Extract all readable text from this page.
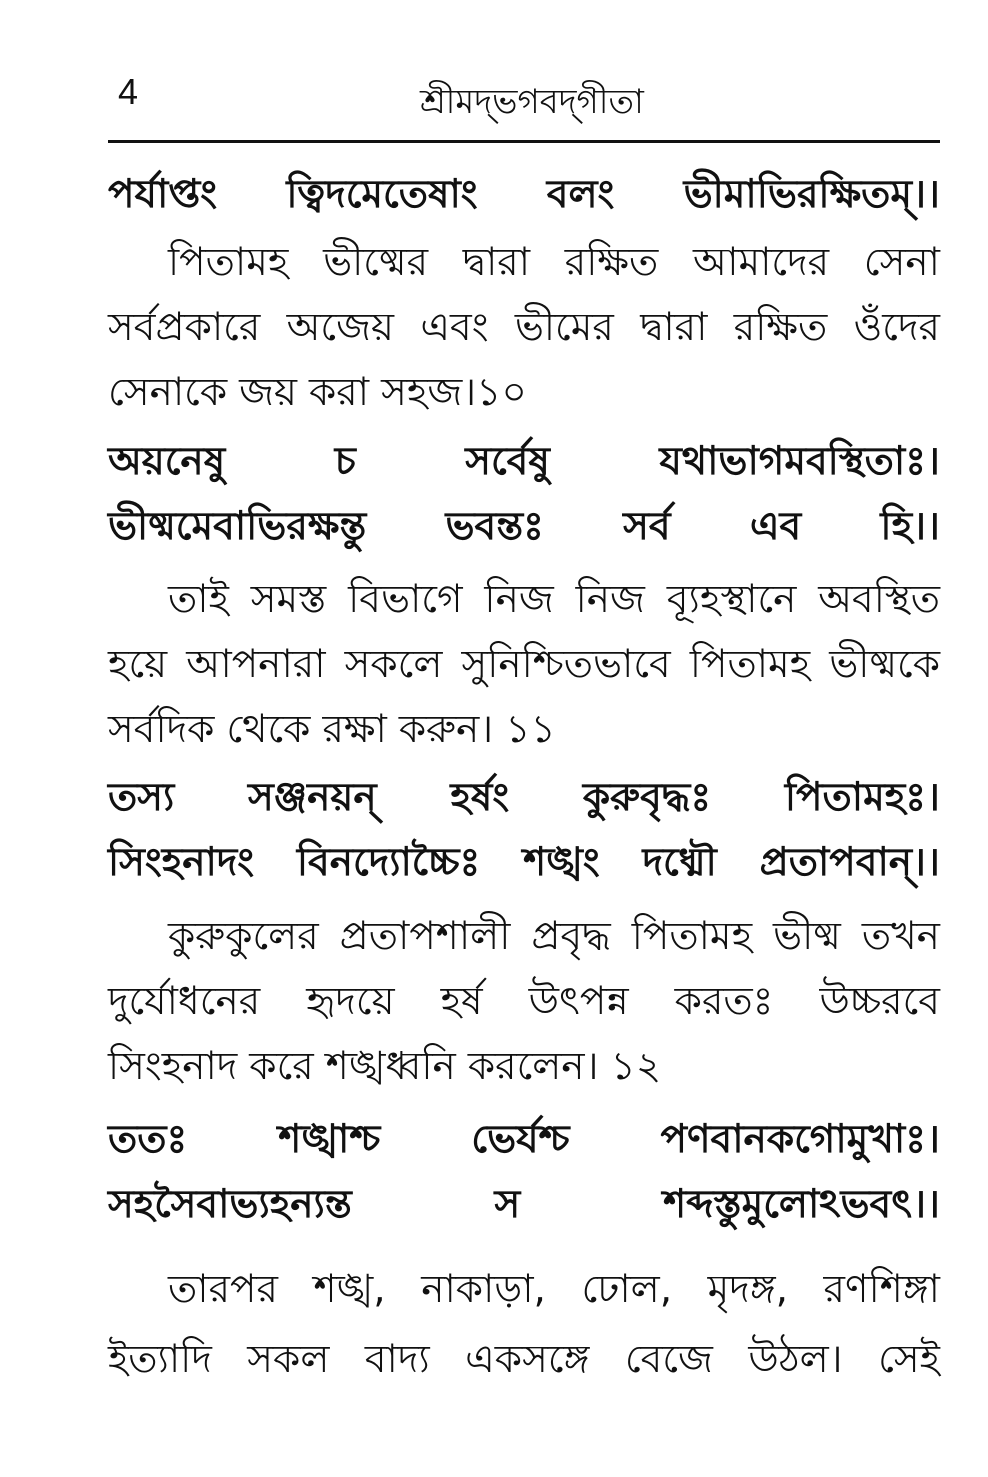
4	শ্রীমদ্‌ভগবদ্‌গীতা
পর্যাপ্তং ত্বিদমেতেষাং বলং ভীমাভিরক্ষিতম্‌।।
পিতামহ ভীষ্মের দ্বারা রক্ষিত আমাদের সেনা
সর্বপ্রকারে অজেয় এবং ভীমের দ্বারা রক্ষিত ওঁদের
সেনাকে জয় করা সহজ।১০
অয়নেষু	চ	সর্বেষু	যথাভাগমবস্থিতাঃ।
ভীষ্মমেবাভিরক্ষন্তু ভবন্তঃ সর্ব এব হি।।
তাই সমস্ত বিভাগে নিজ নিজ ব্যূহস্থানে অবস্থিত
হয়ে আপনারা সকলে সুনিশ্চিতভাবে পিতামহ ভীষ্মকে
সর্বদিক থেকে রক্ষা করুন। ১১
তস্য সঞ্জনয়ন্‌ হর্ষং কুরুবৃদ্ধঃ পিতামহঃ।
সিংহনাদং বিনদ্যোচ্চৈঃ শঙ্খং দধ্মৌ প্রতাপবান্‌।।
কুরুকুলের প্রতাপশালী প্রবৃদ্ধ পিতামহ ভীষ্ম তখন
দুর্যোধনের হৃদয়ে হর্ষ উৎপন্ন করতঃ উচ্চরবে
সিংহনাদ করে শঙ্খধ্বনি করলেন। ১২
ততঃ শঙ্খাশ্চ ভের্যশ্চ পণবানকগোমুখাঃ।
সহসৈবাভ্যহন্যন্ত	স	শব্দস্তুমুলোঽভবৎ।।
তারপর শঙ্খ, নাকাড়া, ঢোল, মৃদঙ্গ, রণশিঙ্গা
ইত্যাদি সকল বাদ্য একসঙ্গে বেজে উঠল। সেই
